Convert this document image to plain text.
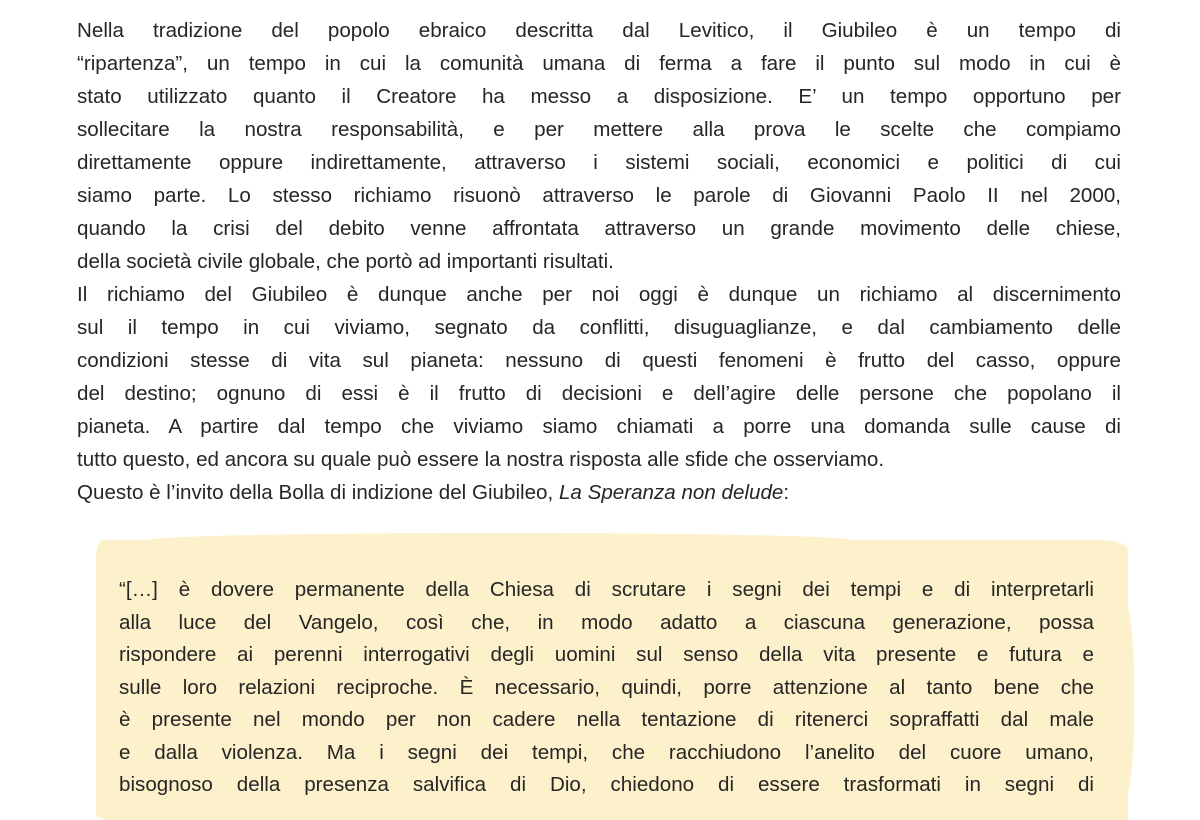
Nella tradizione del popolo ebraico descritta dal Levitico, il Giubileo è un tempo di
“ripartenza”, un tempo in cui la comunità umana di ferma a fare il punto sul modo in cui è
stato utilizzato quanto il Creatore ha messo a disposizione. E’ un tempo opportuno per
sollecitare la nostra responsabilità, e per mettere alla prova le scelte che compiamo
direttamente oppure indirettamente, attraverso i sistemi sociali, economici e politici di cui
siamo parte. Lo stesso richiamo risuonò attraverso le parole di Giovanni Paolo II nel 2000,
quando la crisi del debito venne affrontata attraverso un grande movimento delle chiese,
della società civile globale, che portò ad importanti risultati.
Il richiamo del Giubileo è dunque anche per noi oggi è dunque un richiamo al discernimento
sul il tempo in cui viviamo, segnato da conflitti, disuguaglianze, e dal cambiamento delle
condizioni stesse di vita sul pianeta: nessuno di questi fenomeni è frutto del casso, oppure
del destino; ognuno di essi è il frutto di decisioni e dell’agire delle persone che popolano il
pianeta. A partire dal tempo che viviamo siamo chiamati a porre una domanda sulle cause di
tutto questo, ed ancora su quale può essere la nostra risposta alle sfide che osserviamo.
Questo è l’invito della Bolla di indizione del Giubileo, La Speranza non delude:
“[…] è dovere permanente della Chiesa di scrutare i segni dei tempi e di interpretarli
alla luce del Vangelo, così che, in modo adatto a ciascuna generazione, possa
rispondere ai perenni interrogativi degli uomini sul senso della vita presente e futura e
sulle loro relazioni reciproche. È necessario, quindi, porre attenzione al tanto bene che
è presente nel mondo per non cadere nella tentazione di ritenerci sopraffatti dal male
e dalla violenza. Ma i segni dei tempi, che racchiudono l’anelito del cuore umano,
bisognoso della presenza salvifica di Dio, chiedono di essere trasformati in segni di
